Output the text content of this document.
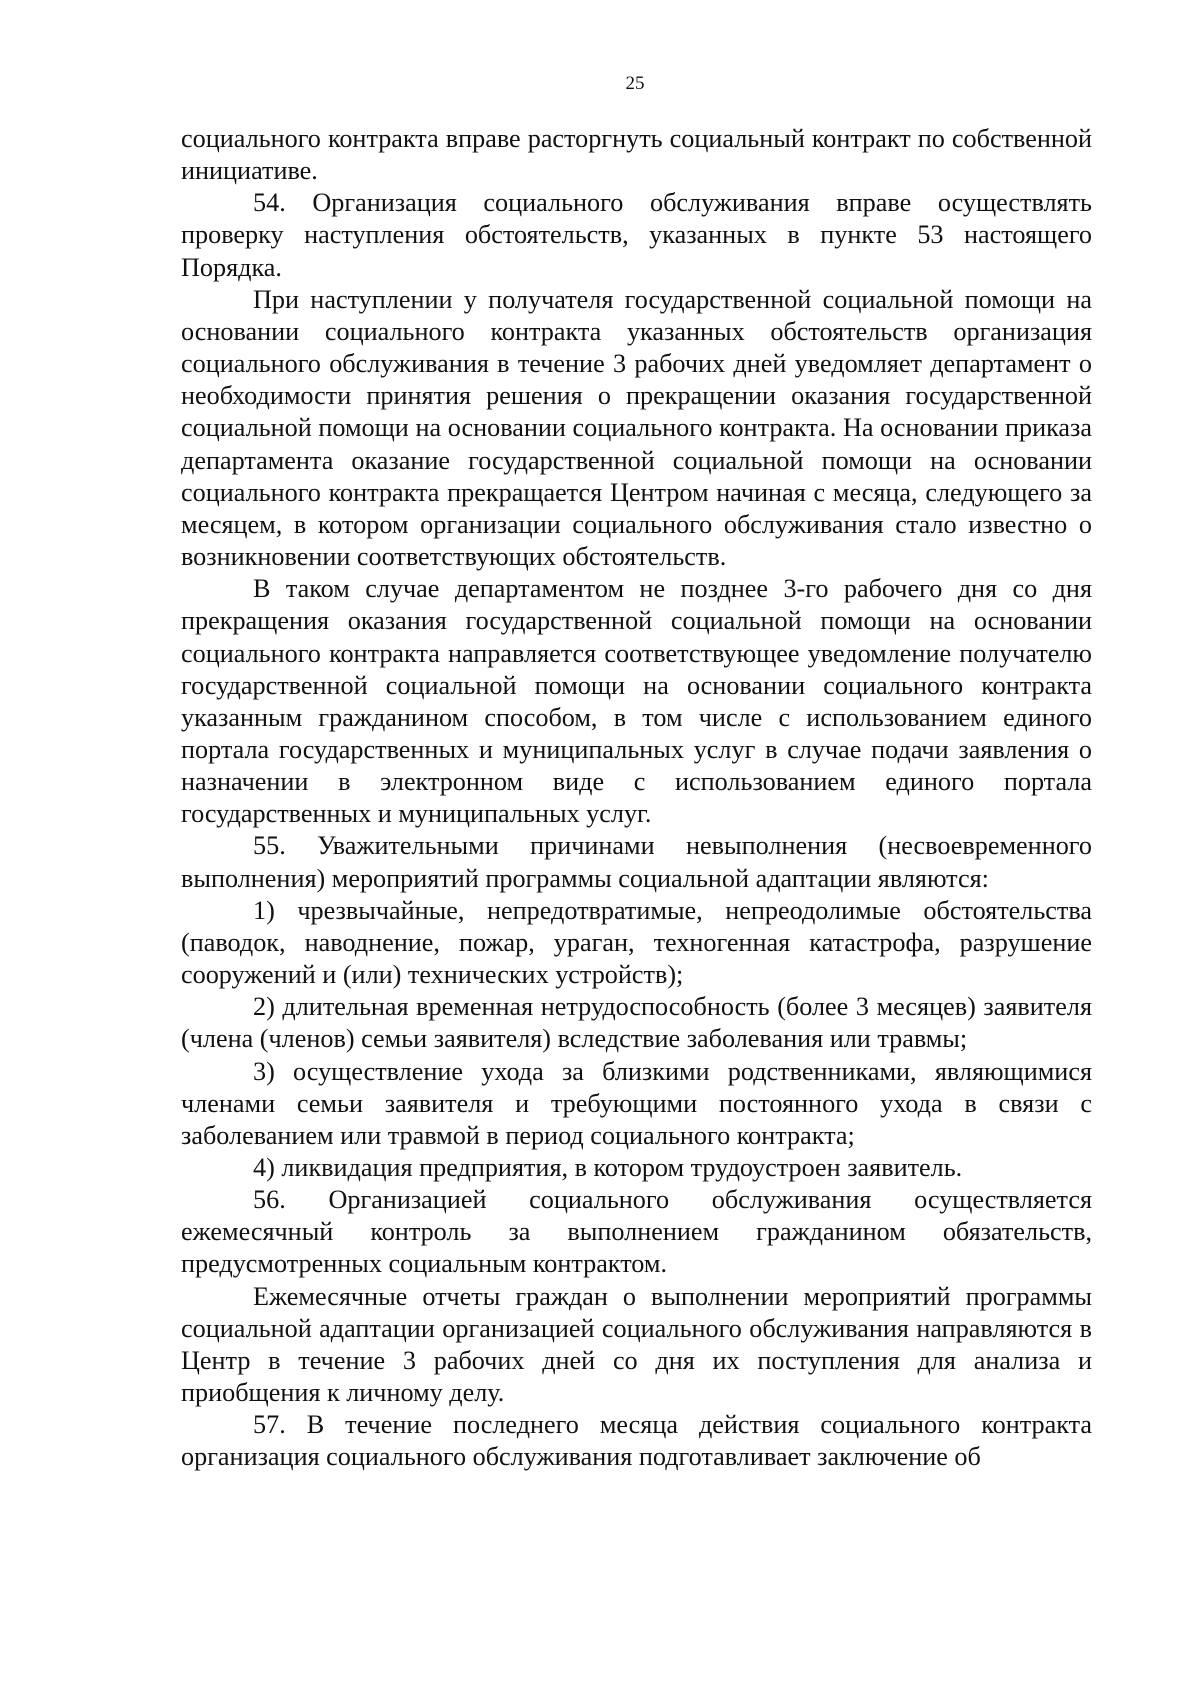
25

социального контракта вправе расторгнуть социальный контракт по собственной инициативе.

54. Организация социального обслуживания вправе осуществлять проверку наступления обстоятельств, указанных в пункте 53 настоящего Порядка.

При наступлении у получателя государственной социальной помощи на основании социального контракта указанных обстоятельств организация социального обслуживания в течение 3 рабочих дней уведомляет департамент о необходимости принятия решения о прекращении оказания государственной социальной помощи на основании социального контракта. На основании приказа департамента оказание государственной социальной помощи на основании социального контракта прекращается Центром начиная с месяца, следующего за месяцем, в котором организации социального обслуживания стало известно о возникновении соответствующих обстоятельств.

В таком случае департаментом не позднее 3-го рабочего дня со дня прекращения оказания государственной социальной помощи на основании социального контракта направляется соответствующее уведомление получателю государственной социальной помощи на основании социального контракта указанным гражданином способом, в том числе с использованием единого портала государственных и муниципальных услуг в случае подачи заявления о назначении в электронном виде с использованием единого портала государственных и муниципальных услуг.

55. Уважительными причинами невыполнения (несвоевременного выполнения) мероприятий программы социальной адаптации являются:

1) чрезвычайные, непредотвратимые, непреодолимые обстоятельства (паводок, наводнение, пожар, ураган, техногенная катастрофа, разрушение сооружений и (или) технических устройств);

2) длительная временная нетрудоспособность (более 3 месяцев) заявителя (члена (членов) семьи заявителя) вследствие заболевания или травмы;

3) осуществление ухода за близкими родственниками, являющимися членами семьи заявителя и требующими постоянного ухода в связи с заболеванием или травмой в период социального контракта;

4) ликвидация предприятия, в котором трудоустроен заявитель.

56. Организацией социального обслуживания осуществляется ежемесячный контроль за выполнением гражданином обязательств, предусмотренных социальным контрактом.

Ежемесячные отчеты граждан о выполнении мероприятий программы социальной адаптации организацией социального обслуживания направляются в Центр в течение 3 рабочих дней со дня их поступления для анализа и приобщения к личному делу.

57. В течение последнего месяца действия социального контракта организация социального обслуживания подготавливает заключение об
